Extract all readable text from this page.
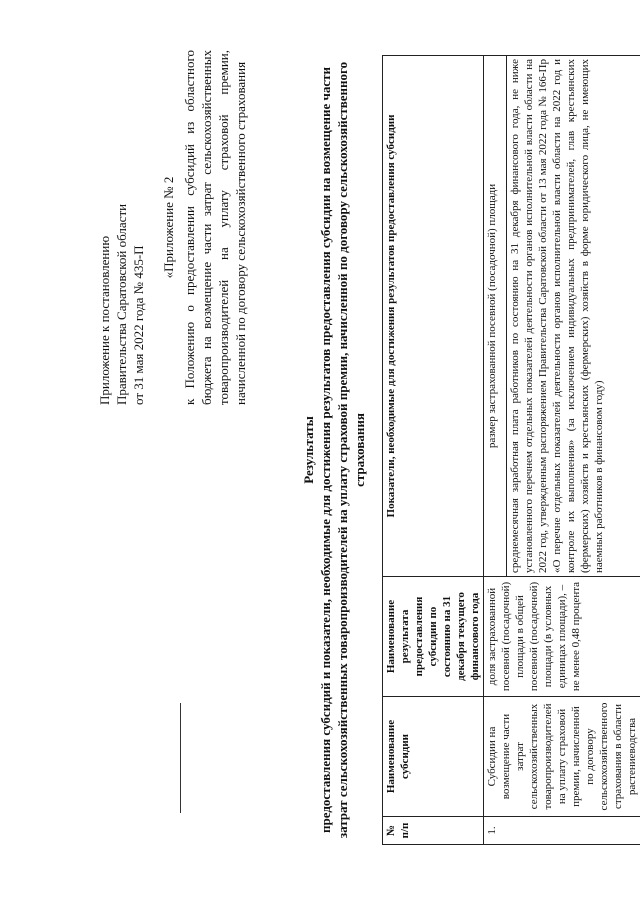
Приложение к постановлению Правительства Саратовской области от 31 мая 2022 года № 435-П
«Приложение № 2 к Положению о предоставлении субсидий из областного бюджета на возмещение части затрат сельскохозяйственных товаропроизводителей на уплату страховой премии, начисленной по договору сельскохозяйственного страхования
Результаты предоставления субсидий и показатели, необходимые для достижения результатов предоставления субсидии на возмещение части затрат сельскохозяйственных товаропроизводителей на уплату страховой премии, начисленной по договору сельскохозяйственного страхования
№ п/п	Наименование субсидии	Наименование результата предоставления субсидии по состоянию на 31 декабря текущего финансового года	Показатели, необходимые для достижения результатов предоставления субсидии
1.	Субсидии на возмещение части затрат сельскохозяйственных товаропроизводителей на уплату страховой премии, начисленной по договору сельскохозяйственного страхования в области растениеводства	доля застрахованной посевной (посадочной) площади в общей посевной (посадочной) площади (в условных единицах площади), – не менее 0,48 процента	размер застрахованной посевной (посадочной) площади
			среднемесячная заработная плата работников по состоянию на 31 декабря финансового года, не ниже установленного перечнем отдельных показателей деятельности органов исполнительной власти области на 2022 год, утвержденным распоряжением Правительства Саратовской области от 13 мая 2022 года № 166-Пр «О перечне отдельных показателей деятельности органов исполнительной власти области на 2022 год и контроле их выполнения» (за исключением индивидуальных предпринимателей, глав крестьянских (фермерских) хозяйств и крестьянских (фермерских) хозяйств в форме юридического лица, не имеющих наемных работников в финансовом году)
